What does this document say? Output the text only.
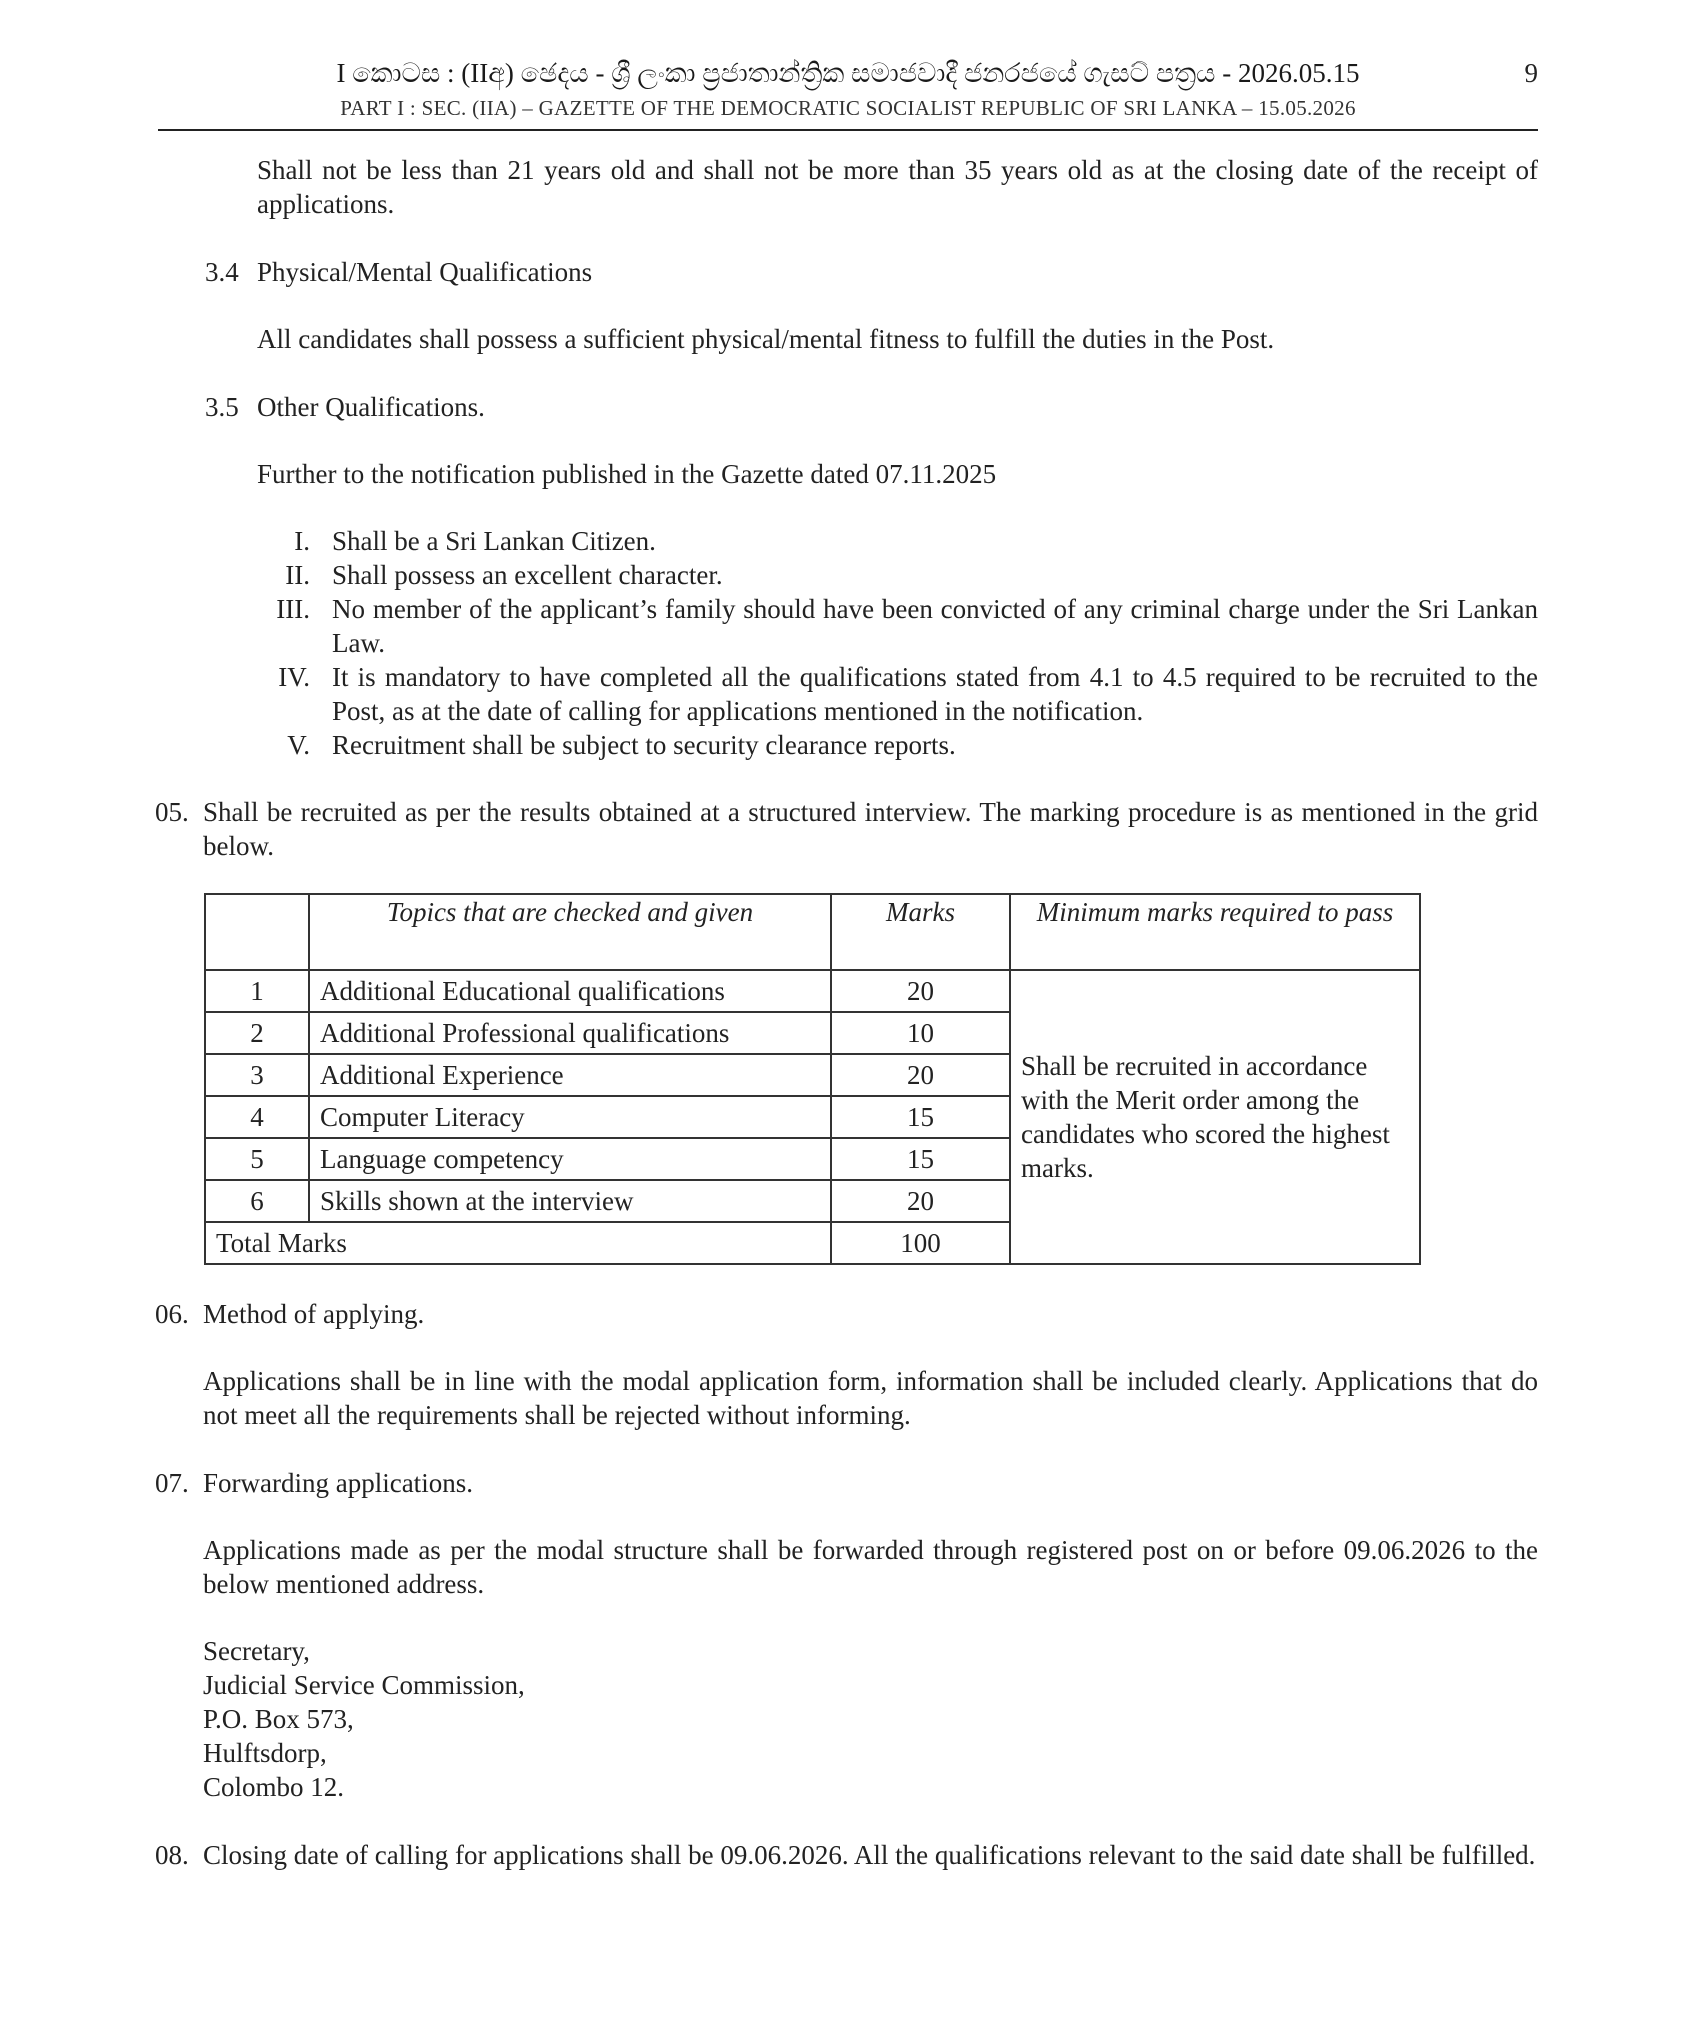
I කොටස : (IIඅ) ඡෙදය - ශ්‍රී ලංකා ප්‍රජාතාන්ත්‍රික සමාජවාදී ජනරජයේ ගැසට් පත්‍රය - 2026.05.15
PART I : SEC. (IIA) – GAZETTE OF THE DEMOCRATIC SOCIALIST REPUBLIC OF SRI LANKA – 15.05.2026
9

Shall not be less than 21 years old and shall not be more than 35 years old as at the closing date of the receipt of applications.

3.4 Physical/Mental Qualifications

All candidates shall possess a sufficient physical/mental fitness to fulfill the duties in the Post.

3.5 Other Qualifications.

Further to the notification published in the Gazette dated 07.11.2025

I. Shall be a Sri Lankan Citizen.

II. Shall possess an excellent character.

III. No member of the applicant’s family should have been convicted of any criminal charge under the Sri Lankan Law.

IV. It is mandatory to have completed all the qualifications stated from 4.1 to 4.5 required to be recruited to the Post, as at the date of calling for applications mentioned in the notification.

V. Recruitment shall be subject to security clearance reports.

05. Shall be recruited as per the results obtained at a structured interview. The marking procedure is as mentioned in the grid below.

	Topics that are checked and given	Marks	Minimum marks required to pass
1	Additional Educational qualifications	20	Shall be recruited in accordance with the Merit order among the candidates who scored the highest marks.
2	Additional Professional qualifications	10	
3	Additional Experience	20	
4	Computer Literacy	15	
5	Language competency	15	
6	Skills shown at the interview	20	
Total Marks		100	
06. Method of applying.

Applications shall be in line with the modal application form, information shall be included clearly. Applications that do not meet all the requirements shall be rejected without informing.

07. Forwarding applications.

Applications made as per the modal structure shall be forwarded through registered post on or before 09.06.2026 to the below mentioned address.

Secretary,
Judicial Service Commission,
P.O. Box 573,
Hulftsdorp,
Colombo 12.
08. Closing date of calling for applications shall be 09.06.2026. All the qualifications relevant to the said date shall be fulfilled.
